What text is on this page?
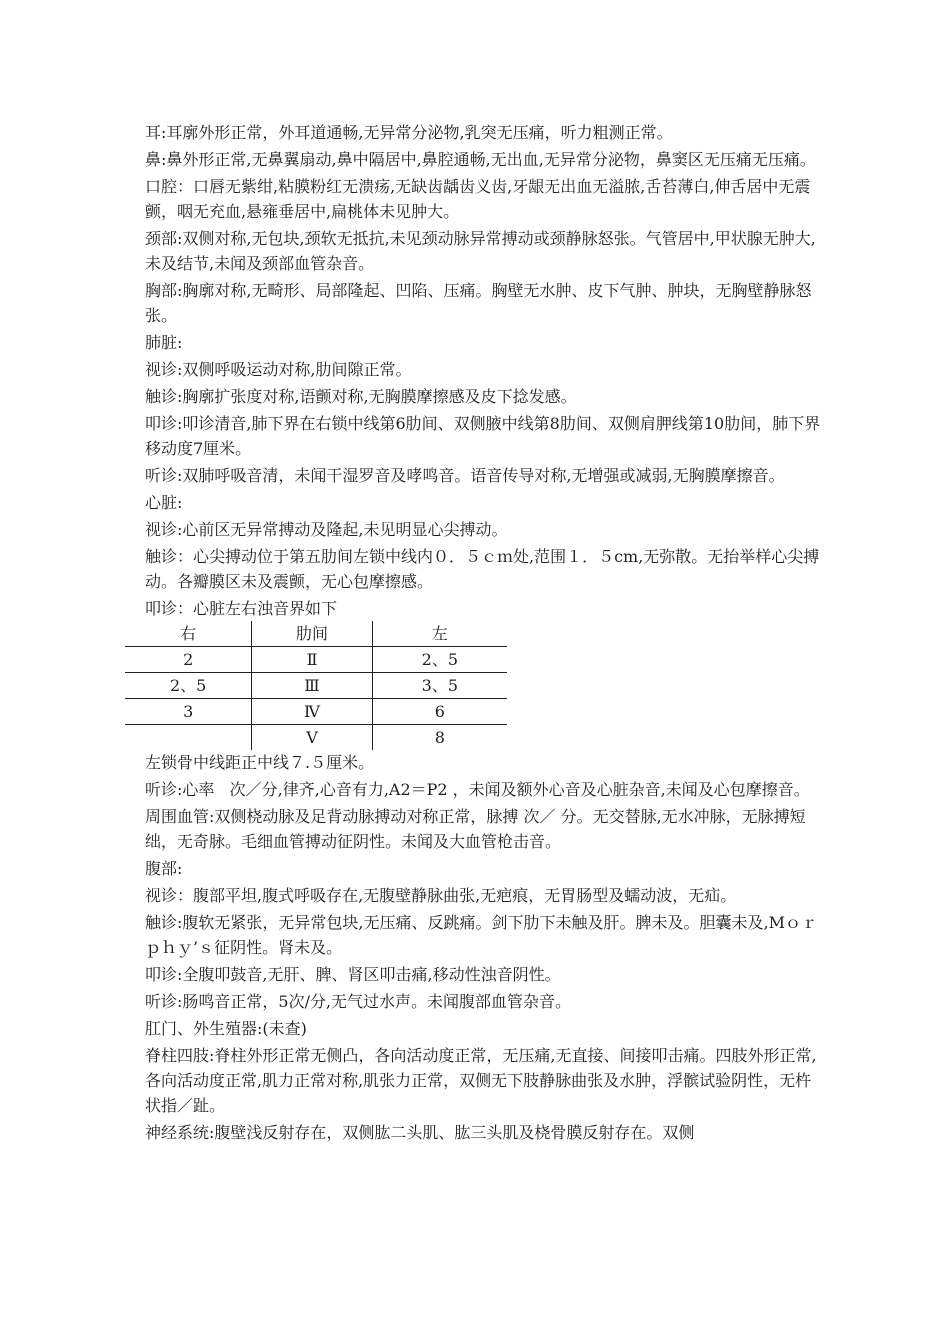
耳:耳廓外形正常，外耳道通畅,无异常分泌物,乳突无压痛，听力粗测正常。

鼻:鼻外形正常,无鼻翼扇动,鼻中隔居中,鼻腔通畅,无出血,无异常分泌物，鼻窦区无压痛无压痛。

口腔：口唇无紫绀,粘膜粉红无溃疡,无缺齿龋齿义齿,牙龈无出血无溢脓,舌苔薄白,伸舌居中无震颤，咽无充血,悬雍垂居中,扁桃体未见肿大。

颈部:双侧对称,无包块,颈软无抵抗,未见颈动脉异常搏动或颈静脉怒张。气管居中,甲状腺无肿大,未及结节,未闻及颈部血管杂音。

胸部:胸廓对称,无畸形、局部隆起、凹陷、压痛。胸壁无水肿、皮下气肿、肿块，无胸壁静脉怒张。

肺脏:

视诊:双侧呼吸运动对称,肋间隙正常。

触诊:胸廓扩张度对称,语颤对称,无胸膜摩擦感及皮下捻发感。

叩诊:叩诊清音,肺下界在右锁中线第6肋间、双侧腋中线第8肋间、双侧肩胛线第10肋间，肺下界移动度7厘米。

听诊:双肺呼吸音清，未闻干湿罗音及哮鸣音。语音传导对称,无增强或减弱,无胸膜摩擦音。

心脏:

视诊:心前区无异常搏动及隆起,未见明显心尖搏动。

触诊：心尖搏动位于第五肋间左锁中线内０．５ｃｍ处,范围１．５cm,无弥散。无抬举样心尖搏动。各瓣膜区未及震颤，无心包摩擦感。

叩诊：心脏左右浊音界如下

右	肋间	左
2	Ⅱ	2、5
2、5	Ⅲ	3、5
3	Ⅳ	6
	Ⅴ	8

左锁骨中线距正中线７.５厘米。

听诊:心率   次／分,律齐,心音有力,A2＝P2 ，未闻及额外心音及心脏杂音,未闻及心包摩擦音。

周围血管:双侧桡动脉及足背动脉搏动对称正常，脉搏 次／ 分。无交替脉,无水冲脉，无脉搏短绌，无奇脉。毛细血管搏动征阴性。未闻及大血管枪击音。

腹部:

视诊：腹部平坦,腹式呼吸存在,无腹壁静脉曲张,无疤痕，无胃肠型及蠕动波，无疝。

触诊:腹软无紧张，无异常包块,无压痛、反跳痛。剑下肋下未触及肝。脾未及。胆囊未及,Mｏｒｐｈｙ’ｓ征阴性。肾未及。

叩诊:全腹叩鼓音,无肝、脾、肾区叩击痛,移动性浊音阴性。

听诊:肠鸣音正常，5次/分,无气过水声。未闻腹部血管杂音。

肛门、外生殖器:(未查)

脊柱四肢:脊柱外形正常无侧凸，各向活动度正常，无压痛,无直接、间接叩击痛。四肢外形正常,各向活动度正常,肌力正常对称,肌张力正常，双侧无下肢静脉曲张及水肿，浮髌试验阴性，无杵状指／趾。

神经系统:腹壁浅反射存在，双侧肱二头肌、肱三头肌及桡骨膜反射存在。双侧
